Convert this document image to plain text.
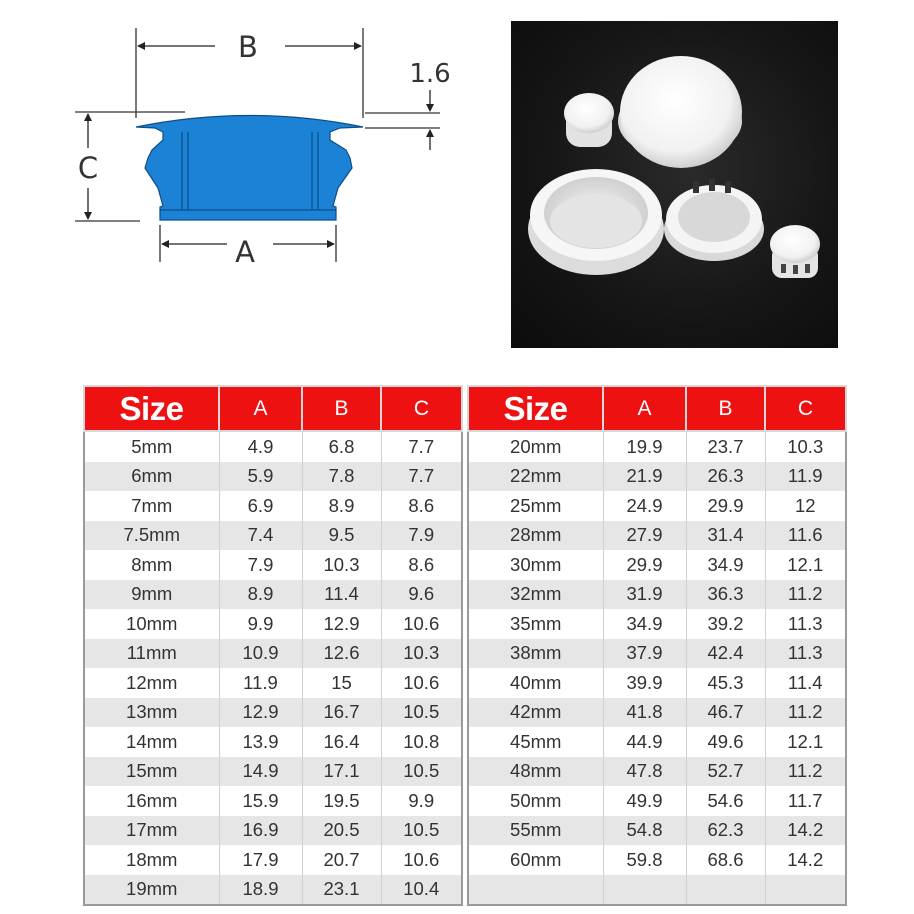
B
A
C
1.6
Size	A	B	C
5mm	4.9	6.8	7.7
6mm	5.9	7.8	7.7
7mm	6.9	8.9	8.6
7.5mm	7.4	9.5	7.9
8mm	7.9	10.3	8.6
9mm	8.9	11.4	9.6
10mm	9.9	12.9	10.6
11mm	10.9	12.6	10.3
12mm	11.9	15	10.6
13mm	12.9	16.7	10.5
14mm	13.9	16.4	10.8
15mm	14.9	17.1	10.5
16mm	15.9	19.5	9.9
17mm	16.9	20.5	10.5
18mm	17.9	20.7	10.6
19mm	18.9	23.1	10.4
Size	A	B	C
20mm	19.9	23.7	10.3
22mm	21.9	26.3	11.9
25mm	24.9	29.9	12
28mm	27.9	31.4	11.6
30mm	29.9	34.9	12.1
32mm	31.9	36.3	11.2
35mm	34.9	39.2	11.3
38mm	37.9	42.4	11.3
40mm	39.9	45.3	11.4
42mm	41.8	46.7	11.2
45mm	44.9	49.6	12.1
48mm	47.8	52.7	11.2
50mm	49.9	54.6	11.7
55mm	54.8	62.3	14.2
60mm	59.8	68.6	14.2
